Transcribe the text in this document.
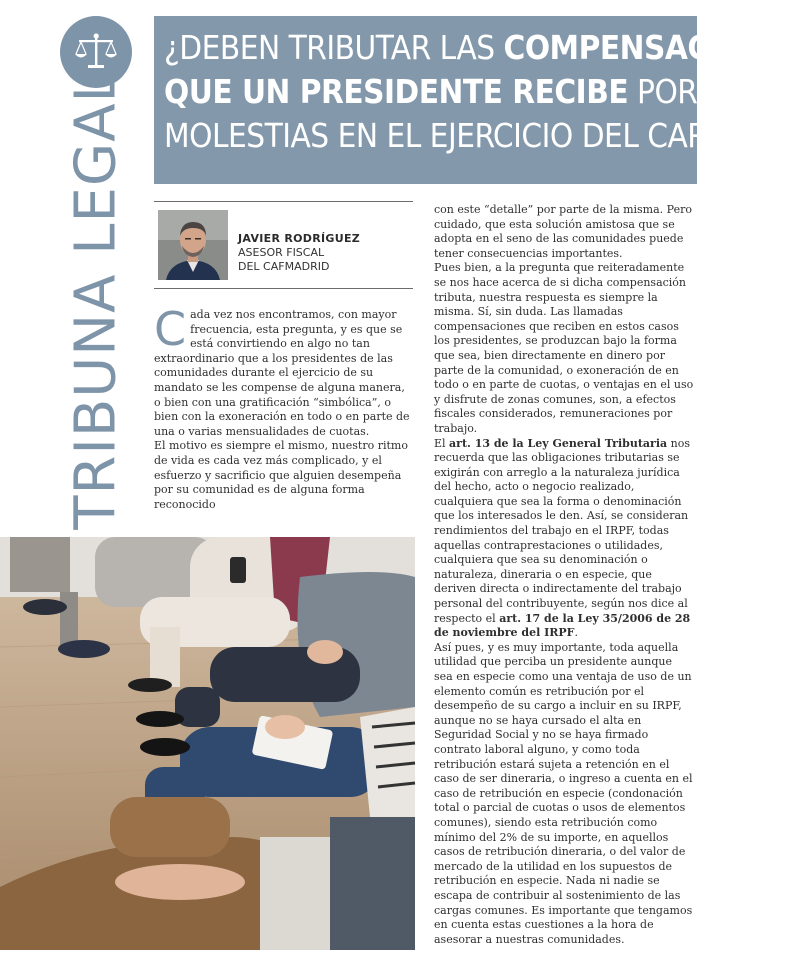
TRIBUNA LEGAL
¿DEBEN TRIBUTAR LAS COMPENSACIONES
QUE UN PRESIDENTE RECIBE POR LAS
MOLESTIAS EN EL EJERCICIO DEL CARGO?
JAVIER RODRÍGUEZ
ASESOR FISCAL
DEL CAFMADRID

Cada vez nos encontramos, con mayor frecuencia, esta pregunta, y es que se está convirtiendo en algo no tan extraordinario que a los presidentes de las comunidades durante el ejercicio de su mandato se les compense de alguna manera, o bien con una gratificación “simbólica”, o bien con la exoneración en todo o en parte de una o varias mensualidades de cuotas.

El motivo es siempre el mismo, nuestro ritmo de vida es cada vez más complicado, y el esfuerzo y sacrificio que alguien desempeña por su comunidad es de alguna forma reconocido

con este “detalle” por parte de la misma. Pero cuidado, que esta solución amistosa que se adopta en el seno de las comunidades puede tener consecuencias importantes.

Pues bien, a la pregunta que reiteradamente se nos hace acerca de si dicha compensación tributa, nuestra respuesta es siempre la misma. Sí, sin duda. Las llamadas compensaciones que reciben en estos casos los presidentes, se produzcan bajo la forma que sea, bien directamente en dinero por parte de la comunidad, o exoneración de en todo o en parte de cuotas, o ventajas en el uso y disfrute de zonas comunes, son, a efectos fiscales considerados, remuneraciones por trabajo.

El art. 13 de la Ley General Tributaria nos recuerda que las obligaciones tributarias se exigirán con arreglo a la naturaleza jurídica del hecho, acto o negocio realizado, cualquiera que sea la forma o denominación que los interesados le den. Así, se consideran rendimientos del trabajo en el IRPF, todas aquellas contraprestaciones o utilidades, cualquiera que sea su denominación o naturaleza, dineraria o en especie, que deriven directa o indirectamente del trabajo personal del contribuyente, según nos dice al respecto el art. 17 de la Ley 35/2006 de 28 de noviembre del IRPF.

Así pues, y es muy importante, toda aquella utilidad que perciba un presidente aunque sea en especie como una ventaja de uso de un elemento común es retribución por el desempeño de su cargo a incluir en su IRPF, aunque no se haya cursado el alta en Seguridad Social y no se haya firmado contrato laboral alguno, y como toda retribución estará sujeta a retención en el caso de ser dineraria, o ingreso a cuenta en el caso de retribución en especie (condonación total o parcial de cuotas o usos de elementos comunes), siendo esta retribución como mínimo del 2% de su importe, en aquellos casos de retribución dineraria, o del valor de mercado de la utilidad en los supuestos de retribución en especie. Nada ni nadie se escapa de contribuir al sostenimiento de las cargas comunes. Es importante que tengamos en cuenta estas cuestiones a la hora de asesorar a nuestras comunidades.
